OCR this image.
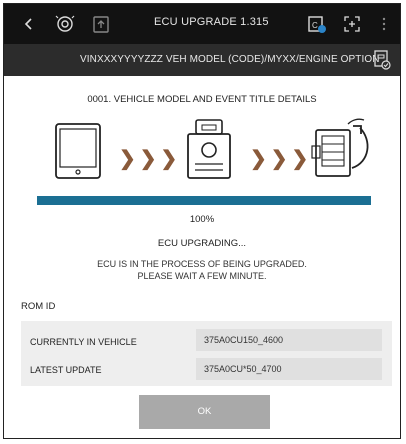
ECU UPGRADE 1.315	C
VINXXXYYYYZZZ VEH MODEL (CODE)/MYXX/ENGINE OPTION
0001. VEHICLE MODEL AND EVENT TITLE DETAILS
❯❯❯	❯❯❯
100%
ECU UPGRADING...
ECU IS IN THE PROCESS OF BEING UPGRADED.
PLEASE WAIT A FEW MINUTE.
ROM ID
CURRENTLY IN VEHICLE	375A0CU150_4600
LATEST UPDATE	375A0CU*50_4700
OK
